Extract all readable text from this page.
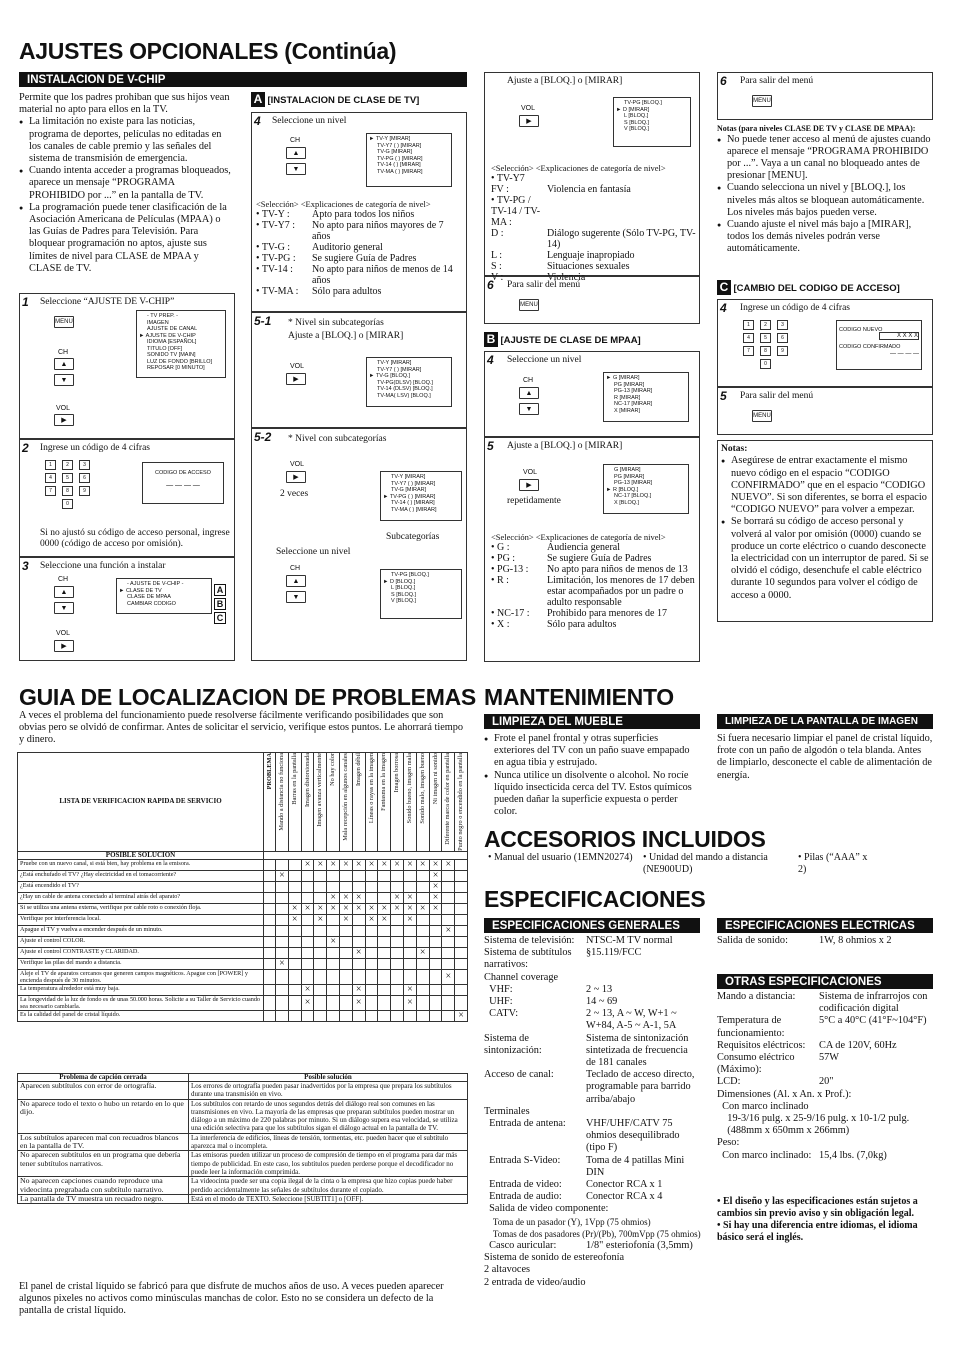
AJUSTES OPCIONALES (Continúa)
INSTALACION DE V-CHIP
Permite que los padres prohiban que sus hijos vean material no apto para ellos en la TV.
● La limitación no existe para las noticias, programa de deportes, películas no editadas en los canales de cable premio y las señales del sistema de transmisión de emergencia.
● Cuando intenta acceder a programas bloqueados, aparece un mensaje “PROGRAMA PROHIBIDO por ...” en la pantalla de TV.
● La programación puede tener clasificación de la Asociación Americana de Películas (MPAA) o las Guías de Padres para Televisión. Para bloquear programación no aptos, ajuste sus límites de nivel para CLASE de MPAA y CLASE de TV.
1 Seleccione “AJUSTE DE V-CHIP”
MENU
CH
▲
▼
VOL
▶
- TV PREP. -
IMAGEN
AJUSTE DE CANAL
► AJUSTE DE V-CHIP
IDIOMA [ESPAÑOL]
TITULO [OFF]
SONIDO TV [MAIN]
LUZ DE FONDO [BRILLO]
REPOSAR [0 MINUTO]
2 Ingrese un código de 4 cifras
1	2	34	5	67	8	90
CODIGO DE ACCESO
— — — —
Si no ajustó su código de acceso personal, ingrese 0000 (código de acceso por omisión).
3 Seleccione una función a instalar
CH
▲
▼
VOL
▶
- AJUSTE DE V-CHIP -
► CLASE DE TV
CLASE DE MPAA
CAMBIAR CODIGO
A
B
C
A [INSTALACION DE CLASE DE TV]
4 Seleccione un nivel
CH
▲
▼
► TV-Y [MIRAR]
TV-Y7 ( ) [MIRAR]
TV-G [MIRAR]
TV-PG ( ) [MIRAR]
TV-14 ( ) [MIRAR]
TV-MA ( ) [MIRAR]
<Selección> <Explicaciones de categoría de nivel>
• TV-Y :	Apto para todos los niños
• TV-Y7 :	No apto para niños mayores de 7 años
• TV-G :	Auditorio general
• TV-PG :	Se sugiere Guía de Padres
• TV-14 :	No apto para niños de menos de 14 años
• TV-MA :	Sólo para adultos
5-1 * Nivel sin subcategorías
Ajuste a [BLOQ.] o [MIRAR]
VOL
▶
TV-Y [MIRAR]
TV-Y7 ( ) [MIRAR]
► TV-G [BLOQ.]
TV-PG(DLSV) [BLOQ.]
TV-14 (DLSV) [BLOQ.]
TV-MA( LSV) [BLOQ.]
5-2 * Nivel con subcategorías
VOL
▶
2 veces
TV-Y [MIRAR]
TV-Y7 ( ) [MIRAR]
TV-G [MIRAR]
► TV-PG ( ) [MIRAR]
TV-14 ( ) [MIRAR]
TV-MA ( ) [MIRAR]
Subcategorías
Seleccione un nivel
CH
▲
▼
TV-PG [BLOQ.]
► D [BLOQ.]
L [BLOQ.]
S [BLOQ.]
V [BLOQ.]
Ajuste a [BLOQ.] o [MIRAR]
VOL
▶
TV-PG [BLOQ.]
► D [MIRAR]
L [BLOQ.]
S [BLOQ.]
V [BLOQ.]
<Selección> <Explicaciones de categoría de nivel>
• TV-Y7
FV :	Violencia en fantasía
• TV-PG / TV-14 / TV-MA :
D :	Diálogo sugerente (Sólo TV-PG, TV-14)
L :	Lenguaje inapropiado
S :	Situaciones sexuales
V :	Violencia
6 Para salir del menú
MENU
B [AJUSTE DE CLASE DE MPAA]
4 Seleccione un nivel
CH
▲
▼
► G [MIRAR]
PG [MIRAR]
PG-13 [MIRAR]
R [MIRAR]
NC-17 [MIRAR]
X [MIRAR]
5 Ajuste a [BLOQ.] o [MIRAR]
VOL
▶
repetidamente
G [MIRAR]
PG [MIRAR]
PG-13 [MIRAR]
► R [BLOQ.]
NC-17 [BLOQ.]
X [BLOQ.]
<Selección> <Explicaciones de categoría de nivel>
• G :	Audiencia general
• PG :	Se sugiere Guía de Padres
• PG-13 :	No apto para niños de menos de 13
• R :	Limitación, los menores de 17 deben estar acompañados por un padre o adulto responsable
• NC-17 :	Prohibido para menores de 17
• X :	Sólo para adultos
6 Para salir del menú
MENU
Notas (para niveles CLASE DE TV y CLASE DE MPAA):
● No puede tener acceso al menú de ajustes cuando aparece el mensaje “PROGRAMA PROHIBIDO por ...”. Vaya a un canal no bloqueado antes de presionar [MENU].
● Cuando selecciona un nivel y [BLOQ.], los niveles más altos se bloquean automáticamente. Los niveles más bajos pueden verse.
● Cuando ajuste el nivel más bajo a [MIRAR], todos los demás niveles podrán verse automáticamente.
C [CAMBIO DEL CODIGO DE ACCESO]
4 Ingrese un código de 4 cifras
1	2	34	5	67	8	90
CODIGO NUEVO
X X X X
CODIGO CONFIRMADO
— — — —
5 Para salir del menú
MENU
Notas:
● Asegúrese de entrar exactamente el mismo nuevo código en el espacio “CODIGO CONFIRMADO” que en el espacio “CODIGO NUEVO”. Si son diferentes, se borra el espacio “CODIGO NUEVO” para volver a empezar.
● Se borrará su código de acceso personal y volverá al valor por omisión (0000) cuando se produce un corte eléctrico o cuando desconecte la electricidad con un interruptor de pared. Si se olvidó el código, desenchufe el cable eléctrico durante 10 segundos para volver el código de acceso a 0000.
GUIA DE LOCALIZACION DE PROBLEMAS
A veces el problema del funcionamiento puede resolverse fácilmente verificando posibilidades que son obvias pero se olvidó de confirmar. Antes de solicitar el servicio, verifique estos puntos. Le ahorrará tiempo y dinero.
LISTA DE VERIFICACION RAPIDA DE SERVICIO	PROBLEMA	Mando a distancia no funciona	Barras en la pantalla	Imagen distorsionada	Imagen avanza verticalmente	No hay color	Mala recepción en algunos canales	Imagen débil	Líneas o rayas en la imagen	Fantasma en la imagen	Imagen borrosa	Sonido bueno, imagen mala	Sonido malo, imagen bueno	Ni imagen ni sonido	Diferente marca de color en pantalla	Punto negro o encendido en la pantalla

POSIBLE SOLUCION																
Pruebe con un nuevo canal, si está bien, hay problema en la emisora.				×	×	×	×	×	×	×	×	×	×	×	×	
¿Está enchufado el TV? ¿Hay electricidad en el tomacorriente?		×												×		
¿Está encendido el TV?														×		
¿Hay un cable de antena conectado al terminal atrás del aparato?						×	×	×			×	×		×		
Si se utiliza una antena externa, verifique por cable roto o conexión floja.			×	×	×	×	×	×	×	×	×	×	×	×		
Verifique por interferencia local.			×		×		×		×	×		×				
Apague el TV y vuelva a encender después de un minuto.															×	
Ajuste el control COLOR.						×										
Ajuste el control CONTRASTE y CLARIDAD.								×					×			
Verifique las pilas del mando a distancia.		×														
Aleje el TV de aparatos cercanos que generen campos magnéticos. Apague con [POWER] y encienda después de 30 minutos.															×	
La temperatura alrededor está muy baja.				×				×				×				
La longevidad de la luz de fondo es de unas 50.000 horas. Solicite a su Taller de Servicio cuando sea necesario cambiarla.				×				×				×				
Es la calidad del panel de cristal líquido.																×
Problema de capción cerrada	Posible solución
Aparecen subtítulos con error de ortografía.	Los errores de ortografía pueden pasar inadvertidos por la empresa que prepara los subtítulos durante una transmisión en vivo.
No aparece todo el texto o hubo un retardo en lo que dijo.	Los subtítulos con retardo de unos segundos detrás del diálogo real son comunes en las transmisiones en vivo. La mayoría de las empresas que preparan subtítulos pueden mostrar un diálogo a un máximo de 220 palabras por minuto. Si un diálogo supera esa velocidad, se utiliza una edición selectiva para que los subtítulos sigan el diálogo actual en la pantalla de TV.
Los subtítulos aparecen mal con recuadros blancos en la pantalla de TV.	La interferencia de edificios, líneas de tensión, tormentas, etc. pueden hacer que el subtítulo aparezca mal o incompleta.
No aparecen subtítulos en un programa que debería tener subtítulos narrativos.	Las emisoras pueden utilizar un proceso de compresión de tiempo en el programa para dar más tiempo de publicidad. En este caso, los subtítulos pueden perderse porque el decodificador no puede leer la información comprimida.
No aparecen capciones cuando reproduce una videocinta pregrabada con subtítulo narrativo.	La videocinta puede ser una copia ilegal de la cinta o la empresa que hizo copias puede haber perdido accidentalmente las señales de subtítulos durante el copiado.
La pantalla de TV muestra un recuadro negro.	Está en el modo de TEXTO. Seleccione [SUBTIT1] o [OFF].
El panel de cristal líquido se fabricó para que disfrute de muchos años de uso. A veces pueden aparecer algunos pixeles no activos como minúsculas manchas de color. Esto no se considera un defecto de la pantalla de cristal líquido.
MANTENIMIENTO
LIMPIEZA DEL MUEBLE
● Frote el panel frontal y otras superficies exteriores del TV con un paño suave empapado en agua tibia y estrujado.
● Nunca utilice un disolvente o alcohol. No rocíe líquido insecticida cerca del TV. Estos químicos pueden dañar la superficie expuesta o perder color.
LIMPIEZA DE LA PANTALLA DE IMAGEN
Si fuera necesario limpiar el panel de cristal líquido, frote con un paño de algodón o tela blanda. Antes de limpiarlo, desconecte el cable de alimentación de energía.
ACCESORIOS INCLUIDOS
• Manual del usuario (1EMN20274)	• Unidad del mando a distancia (NE900UD)
• Pilas (“AAA” x 2)
ESPECIFICACIONES
ESPECIFICACIONES GENERALES
Sistema de televisión:	NTSC-M TV normal
Sistema de subtítulos narrativos:
§15.119/FCC
Channel coverage
VHF:	2 ~ 13
UHF:	14 ~ 69
CATV:	2 ~ 13, A ~ W, W+1 ~ W+84, A-5 ~ A-1, 5A
Sistema de sintonización:
Sistema de sintonización sintetizada de frecuencia de 181 canales
Acceso de canal:	Teclado de acceso directo, programable para barrido arriba/abajo
Terminales
Entrada de antena:	VHF/UHF/CATV 75 ohmios desequilibrado (tipo F)
Entrada S-Video:	Toma de 4 patillas Mini DIN
Entrada de video:	Conector RCA x 1
Entrada de audio:	Conector RCA x 4
Salida de video componente:
Toma de un pasador (Y), 1Vpp (75 ohmios)
Tomas de dos pasadores (Pr)/(Pb), 700mVpp (75 ohmios)
Casco auricular:	1/8" esteriofonía (3,5mm)
Sistema de sonido de estereofonía
2 altavoces
2 entrada de video/audio
ESPECIFICACIONES ELECTRICAS
Salida de sonido:	1W, 8 ohmios x 2
OTRAS ESPECIFICACIONES
Mando a distancia:	Sistema de infrarrojos con codificación digital
Temperatura de funcionamiento:
5°C a 40°C (41°F~104°F)
Requisitos eléctricos:	CA de 120V, 60Hz
Consumo eléctrico (Máximo):
57W
LCD:	20"
Dimensiones (Al. x An. x Prof.):
Con marco inclinado
19-3/16 pulg. x 25-9/16 pulg. x 10-1/2 pulg.
(488mm x 650mm x 266mm)
Peso:
Con marco inclinado: 15,4 lbs. (7,0kg)
• El diseño y las especificaciones están sujetos a cambios sin previo aviso y sin obligación legal.
• Si hay una diferencia entre idiomas, el idioma básico será el inglés.
